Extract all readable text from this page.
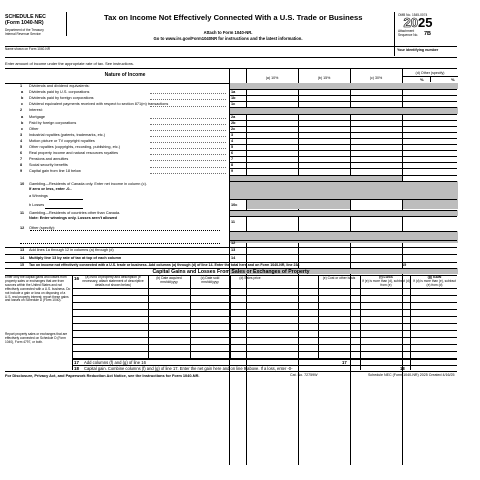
SCHEDULE NEC
(Form 1040-NR)
Department of the Treasury
Internal Revenue Service
Tax on Income Not Effectively Connected With a U.S. Trade or Business
Attach to Form 1040-NR.
Go to www.irs.gov/Form1040NR for instructions and the latest information.
OMB No. 1545-0074
2025
Attachment
Sequence No. 7B
Name shown on Form 1040-NR	Your identifying number
Enter amount of income under the appropriate rate of tax. See instructions.
Nature of Income	(a) 10%	(b) 15%	(c) 30%
(d) Other (specify)
%	%
1	Dividends and dividend equivalents:
a	Dividends paid by U.S. corporations	1a
b	Dividends paid by foreign corporations	1b
c	Dividend equivalent payments received with respect to section 871(m) transactions	1c
2	Interest:
a	Mortgage	2a
b	Paid by foreign corporations	2b
c	Other	2c
3	Industrial royalties (patents, trademarks, etc.)	3
4	Motion picture or TV copyright royalties	4
5	Other royalties (copyrights, recording, publishing, etc.)	5
6	Real property income and natural resources royalties	6
7	Pensions and annuities	7
8	Social security benefits	8
9	Capital gain from line 18 below	9
10	Gambling—Residents of Canada only. Enter net income in column (c).
If zero or less, enter -0-.
a Winnings
b Losses	10c
11	Gambling—Residents of countries other than Canada.
Note: Enter winnings only. Losses aren't allowed
11
12	Other (specify):
12
13	Add lines 1a through 12 in columns (a) through (d)	13
14	Multiply line 13 by rate of tax at top of each column	14
15	Tax on income not effectively connected with a U.S. trade or business. Add columns (a) through (d) of line 14. Enter the total here and on Form 1040-NR, line 23a	15
Capital Gains and Losses From Sales or Exchanges of Property
Enter only the capital gains and losses from property sales or exchanges that are from sources within the United States and not effectively connected with a U.S. business. Do not include a gain or loss on disposing of a U.S. real property interest; report these gains and losses on Schedule D (Form 1040).
Report property sales or exchanges that are effectively connected on Schedule D (Form 1040), Form 4797, or both.
16	(a) Kind of property and description (if necessary, attach statement of descriptive details not shown below)
(b) Date acquired mm/dd/yyyy
(c) Date sold mm/dd/yyyy
(d) Sales price	(e) Cost or other basis	(f) LOSS
If (e) is more than (d), subtract (d) from (e)
(g) GAIN
If (d) is more than (e), subtract (e) from (d)
17 Add columns (f) and (g) of line 16	17
18 Capital gain. Combine columns (f) and (g) of line 17. Enter the net gain here and on line 9 above. If a loss, enter -0-	18
For Disclosure, Privacy Act, and Paperwork Reduction Act Notice, see the Instructions for Form 1040-NR.	Cat. No. 72759W	Schedule NEC (Form 1040-NR) 2025 Created 4/16/25
